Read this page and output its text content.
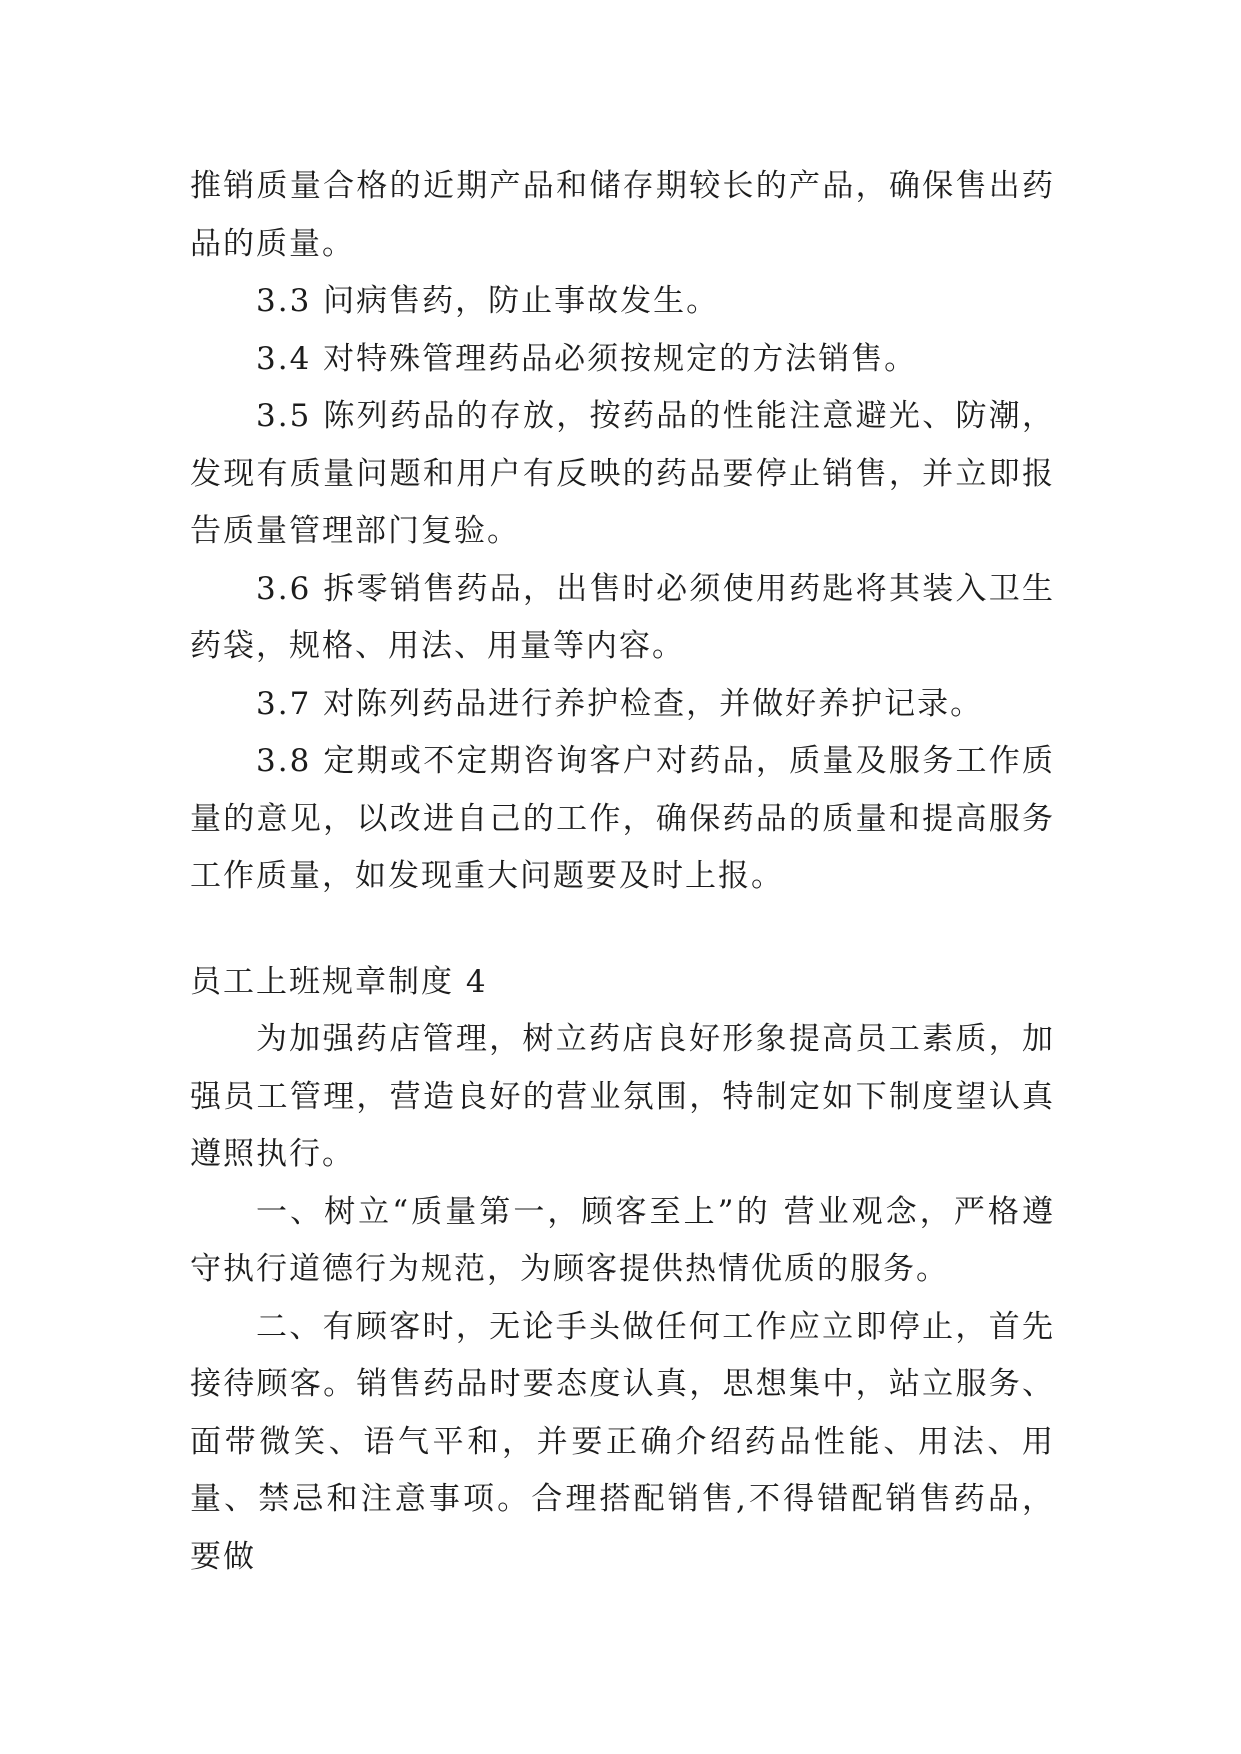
推销质量合格的近期产品和储存期较长的产品，确保售出药品的质量。

3.3 问病售药，防止事故发生。

3.4 对特殊管理药品必须按规定的方法销售。

3.5 陈列药品的存放，按药品的性能注意避光、防潮，发现有质量问题和用户有反映的药品要停止销售，并立即报告质量管理部门复验。

3.6 拆零销售药品，出售时必须使用药匙将其装入卫生药袋，规格、用法、用量等内容。

3.7 对陈列药品进行养护检查，并做好养护记录。

3.8 定期或不定期咨询客户对药品，质量及服务工作质量的意见，以改进自己的工作，确保药品的质量和提高服务工作质量，如发现重大问题要及时上报。

员工上班规章制度 4

为加强药店管理，树立药店良好形象提高员工素质，加强员工管理，营造良好的营业氛围，特制定如下制度望认真遵照执行。

一、树立“质量第一，顾客至上”的 营业观念，严格遵守执行道德行为规范，为顾客提供热情优质的服务。

二、有顾客时，无论手头做任何工作应立即停止，首先接待顾客。销售药品时要态度认真，思想集中，站立服务、面带微笑、语气平和，并要正确介绍药品性能、用法、用量、禁忌和注意事项。合理搭配销售,不得错配销售药品，要做
